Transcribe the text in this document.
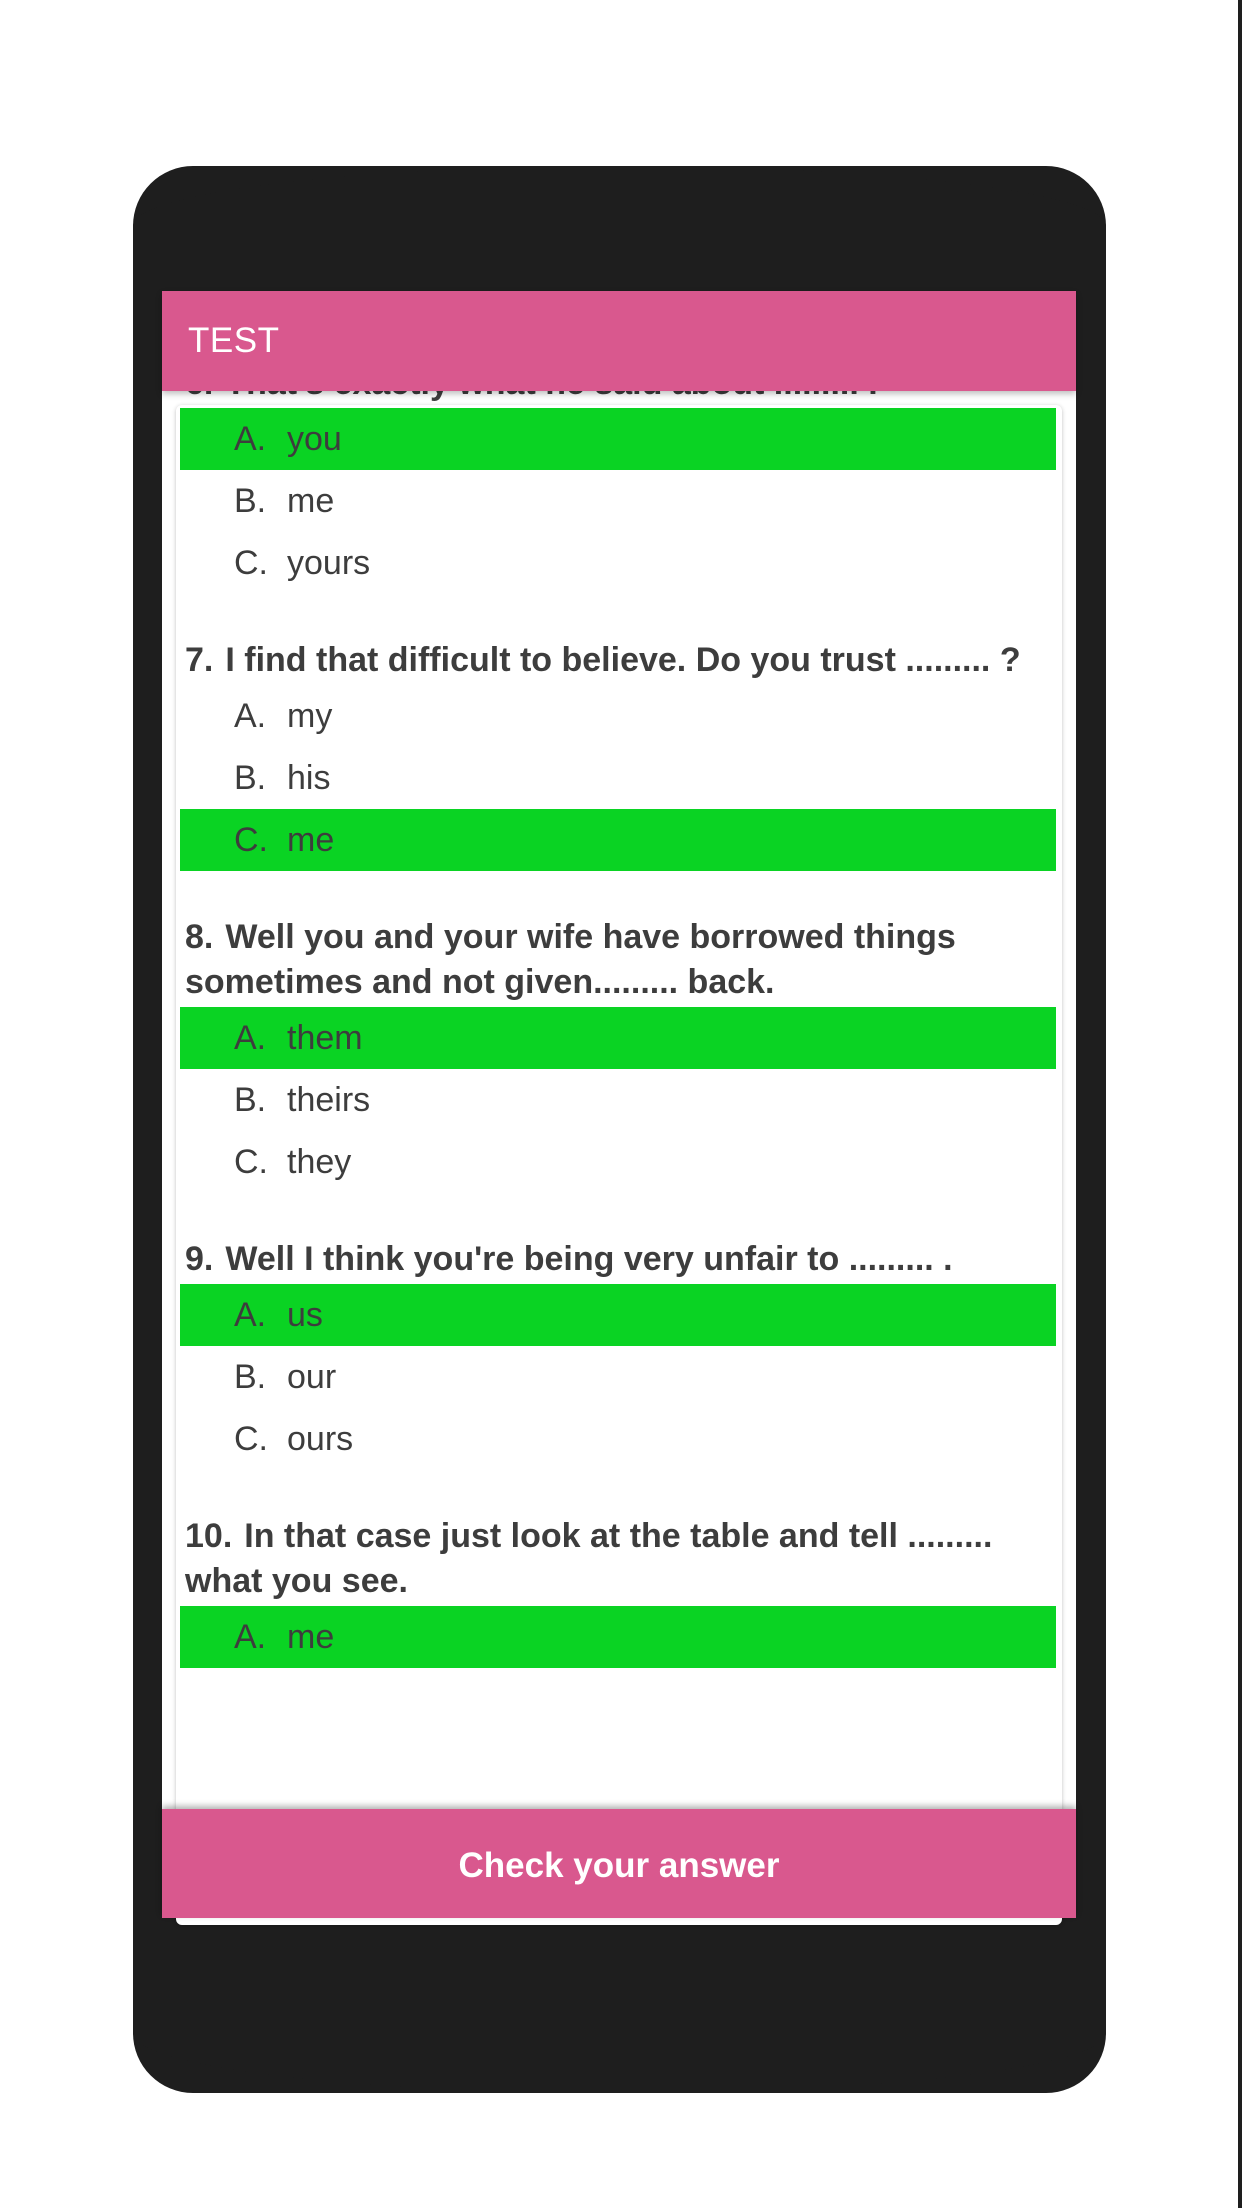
TEST
A. you
B. me
C. yours
7. I find that difficult to believe. Do you trust ......... ?
A. my
B. his
C. me
8. Well you and your wife have borrowed things sometimes and not given......... back.
A. them
B. theirs
C. they
9. Well I think you're being very unfair to ......... .
A. us
B. our
C. ours
10. In that case just look at the table and tell ......... what you see.
A. me
Check your answer
